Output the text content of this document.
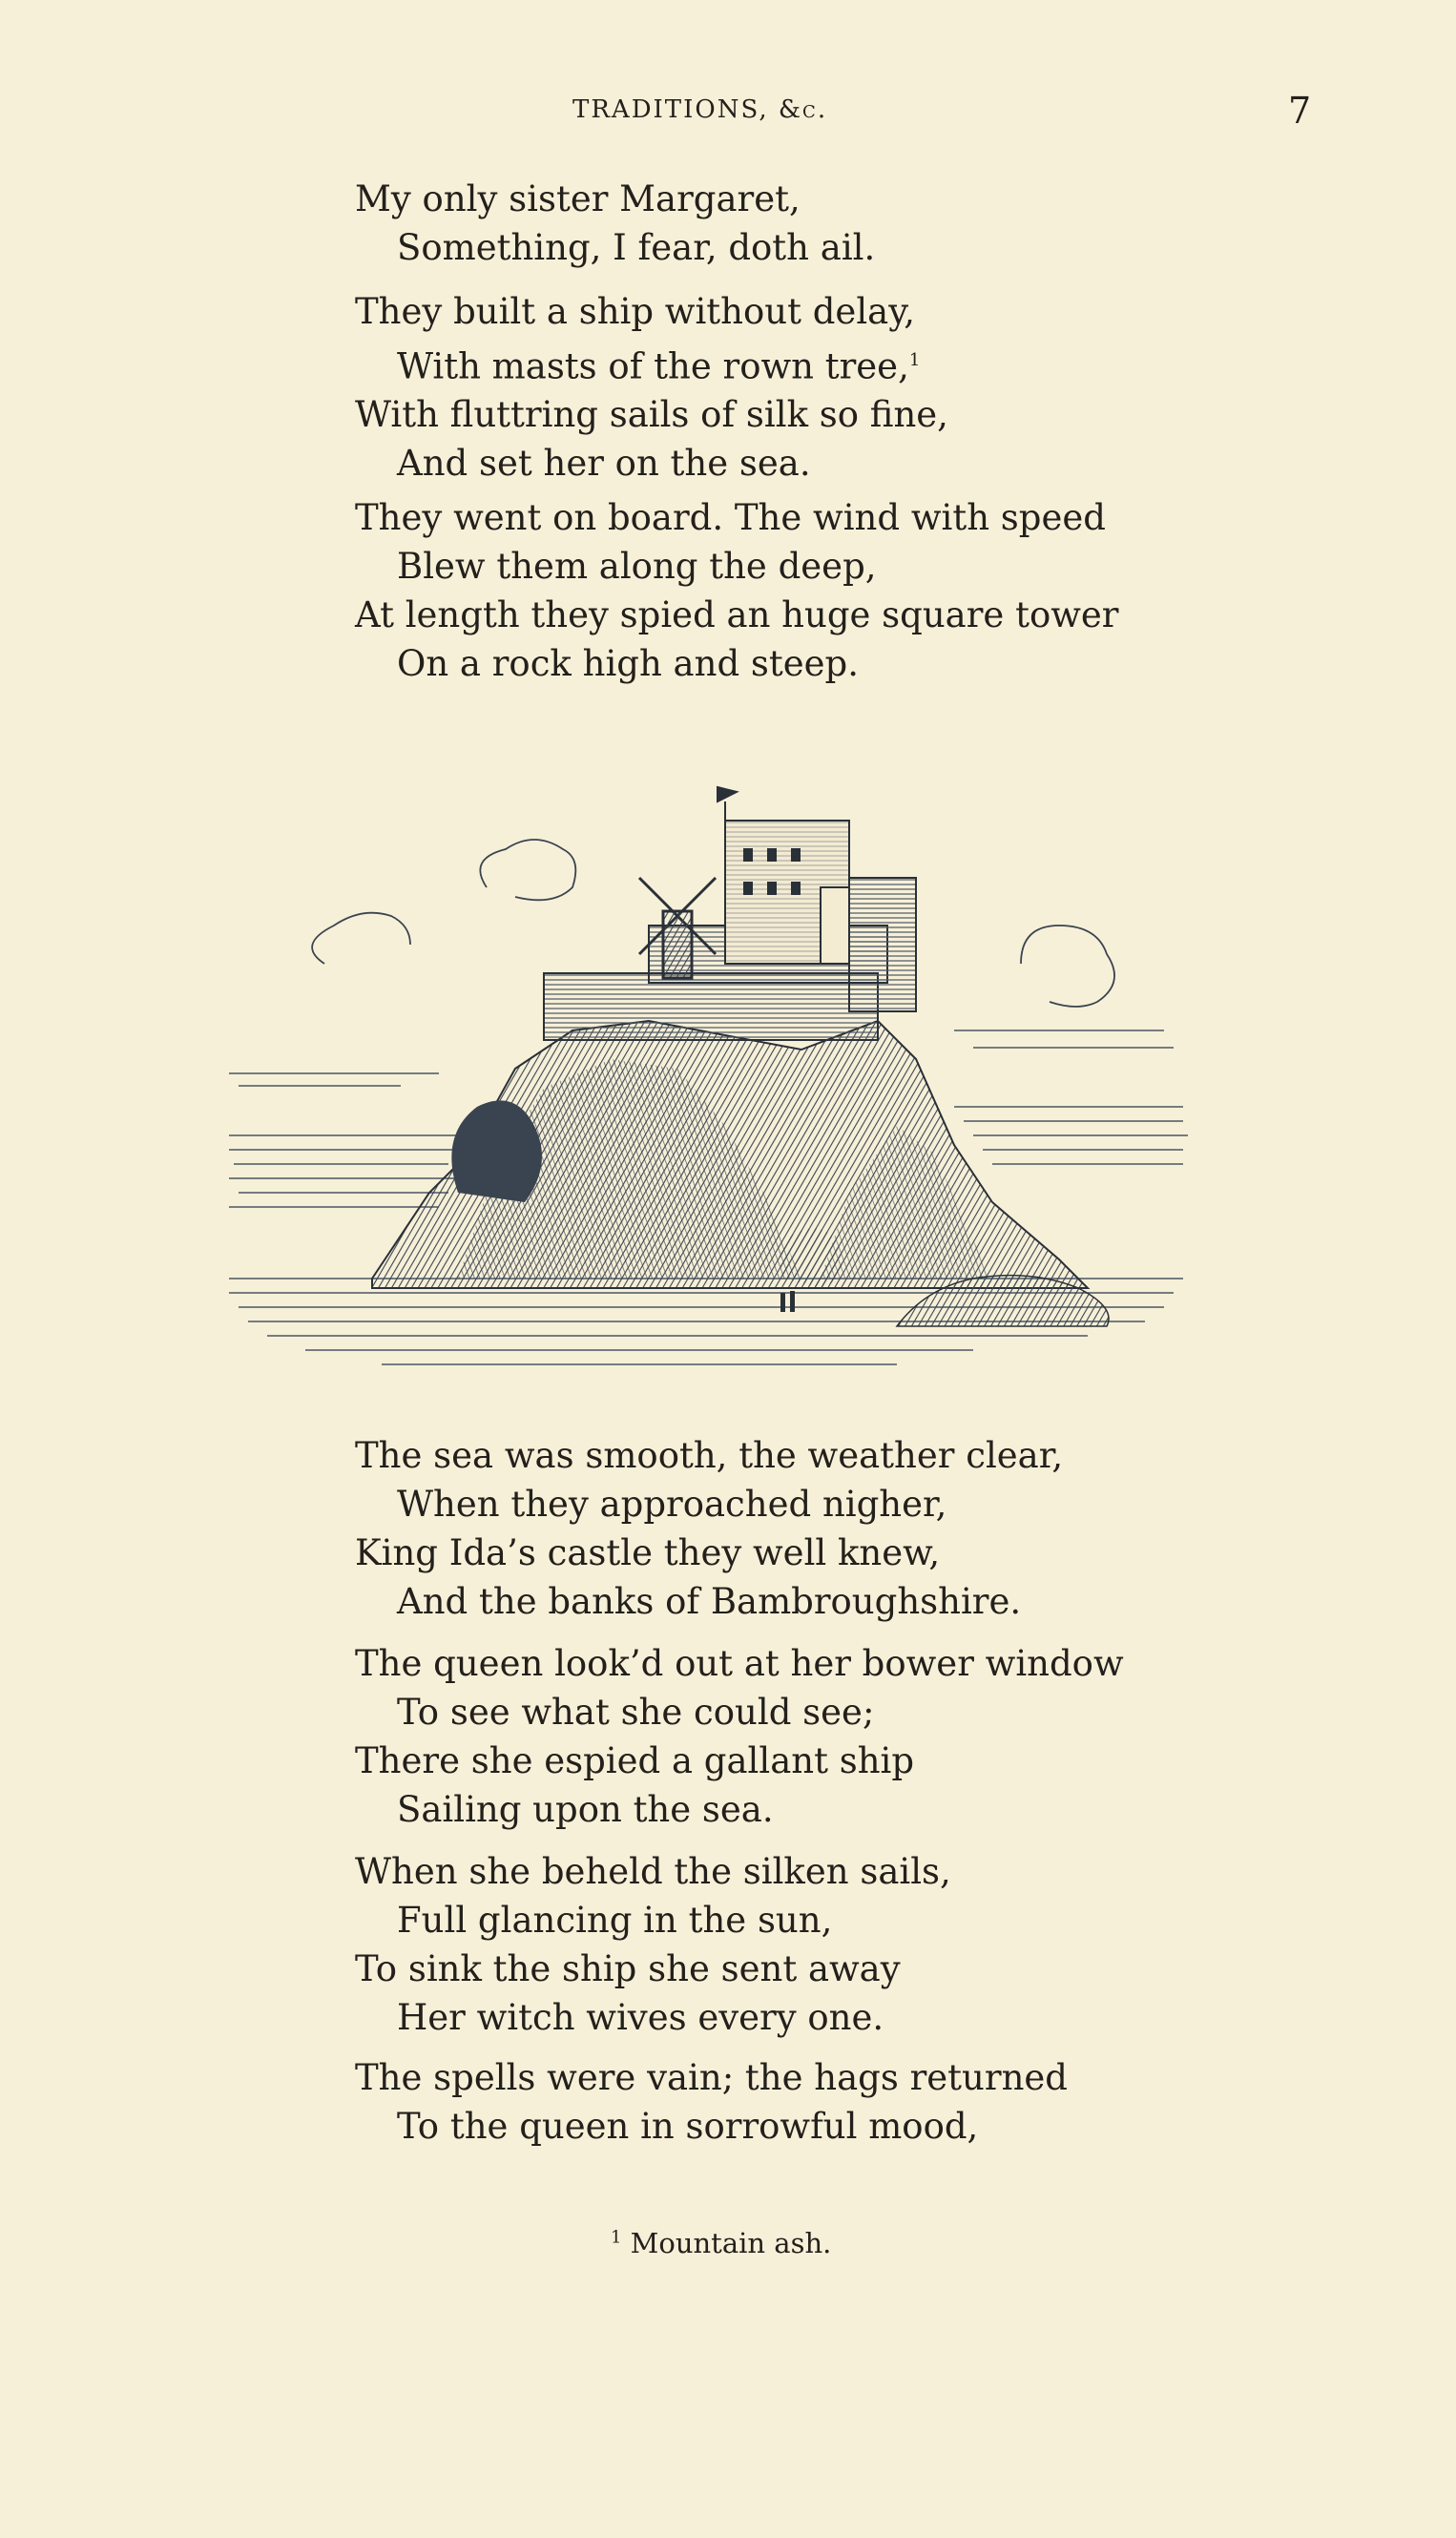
TRADITIONS, &c.	7
My only sister Margaret,
Something, I fear, doth ail.
They built a ship without delay,
With masts of the rown tree,$^1$
With fluttring sails of silk so fine,
And set her on the sea.
They went on board. The wind with speed
Blew them along the deep,
At length they spied an huge square tower
On a rock high and steep.
The sea was smooth, the weather clear,
When they approached nigher,
King Ida’s castle they well knew,
And the banks of Bambroughshire.
The queen look’d out at her bower window
To see what she could see;
There she espied a gallant ship
Sailing upon the sea.
When she beheld the silken sails,
Full glancing in the sun,
To sink the ship she sent away
Her witch wives every one.
The spells were vain; the hags returned
To the queen in sorrowful mood,
$^1$ Mountain ash.
